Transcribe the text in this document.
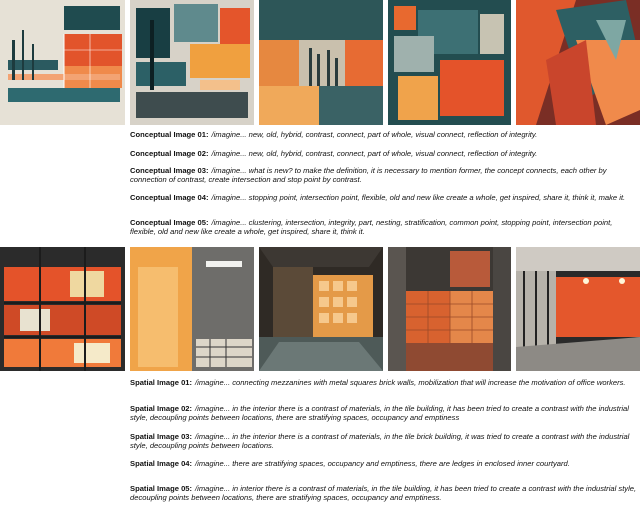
Conceptual Image 01: /imagine... new, old, hybrid, contrast, connect, part of whole, visual connect, reflection of integrity.
Conceptual Image 02: /imagine... new, old, hybrid, contrast, connect, part of whole, visual connect, reflection of integrity.
Conceptual Image 03: /imagine... what is new? to make the definition, it is necessary to mention former, the concept connects, each other by connection of contrast, create intersection and stop point by contrast.
Conceptual Image 04: /imagine... stopping point, intersection point, flexible, old and new like create a whole, get inspired, share it, think it, make it.
Conceptual Image 05: /imagine... clustering, intersection, integrity, part, nesting, stratification, common point, stopping point, intersection point, flexible, old and new like create a whole, get inspired, share it, think it.
Spatial Image 01: /imagine... connecting mezzanines with metal squares brick walls, mobilization that will increase the motivation of office workers.
Spatial Image 02: /imagine... in the interior there is a contrast of materials, in the tile building, it has been tried to create a contrast with the industrial style, decoupling points between locations, there are stratifying spaces, occupancy and emptiness
Spatial Image 03: /imagine... in the interior there is a contrast of materials, in the tile brick building, it was tried to create a contrast with the industrial style, decoupling points between locations.
Spatial Image 04: /imagine... there are stratifying spaces, occupancy and emptiness, there are ledges in enclosed inner courtyard.
Spatial Image 05: /imagine... in interior there is a contrast of materials, in the tile building, it has been tried to create a contrast with the industrial style, decoupling points between locations, there are stratifying spaces, occupancy and emptiness.
